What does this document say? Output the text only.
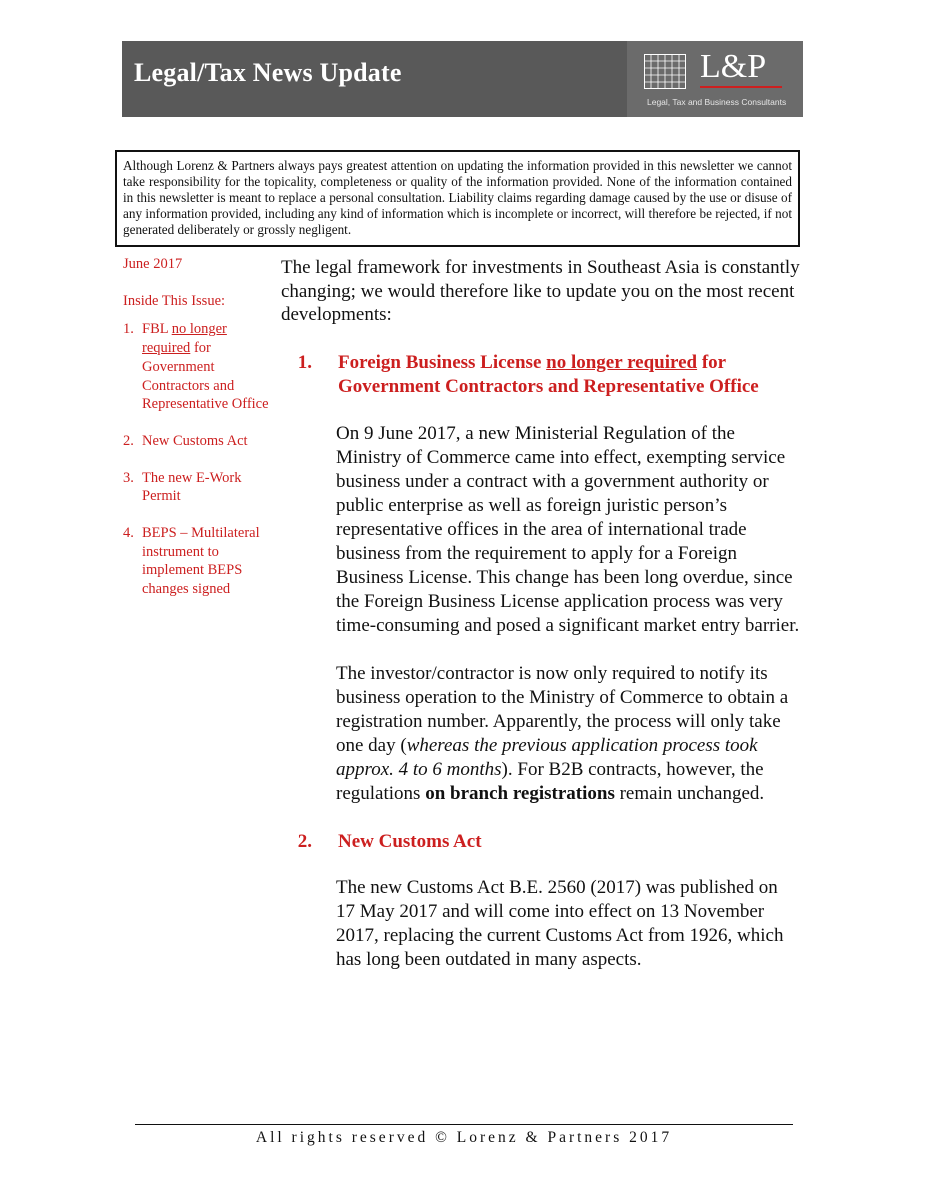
Legal/Tax News Update	L&P
Legal, Tax and Business Consultants
Although Lorenz & Partners always pays greatest attention on updating the information provided in this newsletter we cannot take responsibility for the topicality, completeness or quality of the information provided. None of the information contained in this newsletter is meant to replace a personal consultation. Liability claims regarding damage caused by the use or disuse of any information provided, including any kind of information which is incomplete or incorrect, will therefore be rejected, if not generated deliberately or grossly negligent.

June 2017

Inside This Issue:

1. FBL no longer required for Government Contractors and Representative Office
2. New Customs Act
3. The new E-Work Permit
4. BEPS – Multilateral instrument to implement BEPS changes signed

The legal framework for investments in Southeast Asia is constantly changing; we would therefore like to update you on the most recent developments:

1.	Foreign Business License no longer required for Government Contractors and Representative Office

On 9 June 2017, a new Ministerial Regulation of the Ministry of Commerce came into effect, exempting service business under a contract with a government authority or public enterprise as well as foreign juristic person’s representative offices in the area of international trade business from the requirement to apply for a Foreign Business License. This change has been long overdue, since the Foreign Business License application process was very time-consuming and posed a significant market entry barrier.

The investor/contractor is now only required to notify its business operation to the Ministry of Commerce to obtain a registration number. Apparently, the process will only take one day (whereas the previous application process took approx. 4 to 6 months). For B2B contracts, however, the regulations on branch registrations remain unchanged.

2.	New Customs Act

The new Customs Act B.E. 2560 (2017) was published on 17 May 2017 and will come into effect on 13 November 2017, replacing the current Customs Act from 1926, which has long been outdated in many aspects.

All rights reserved © Lorenz & Partners 2017
